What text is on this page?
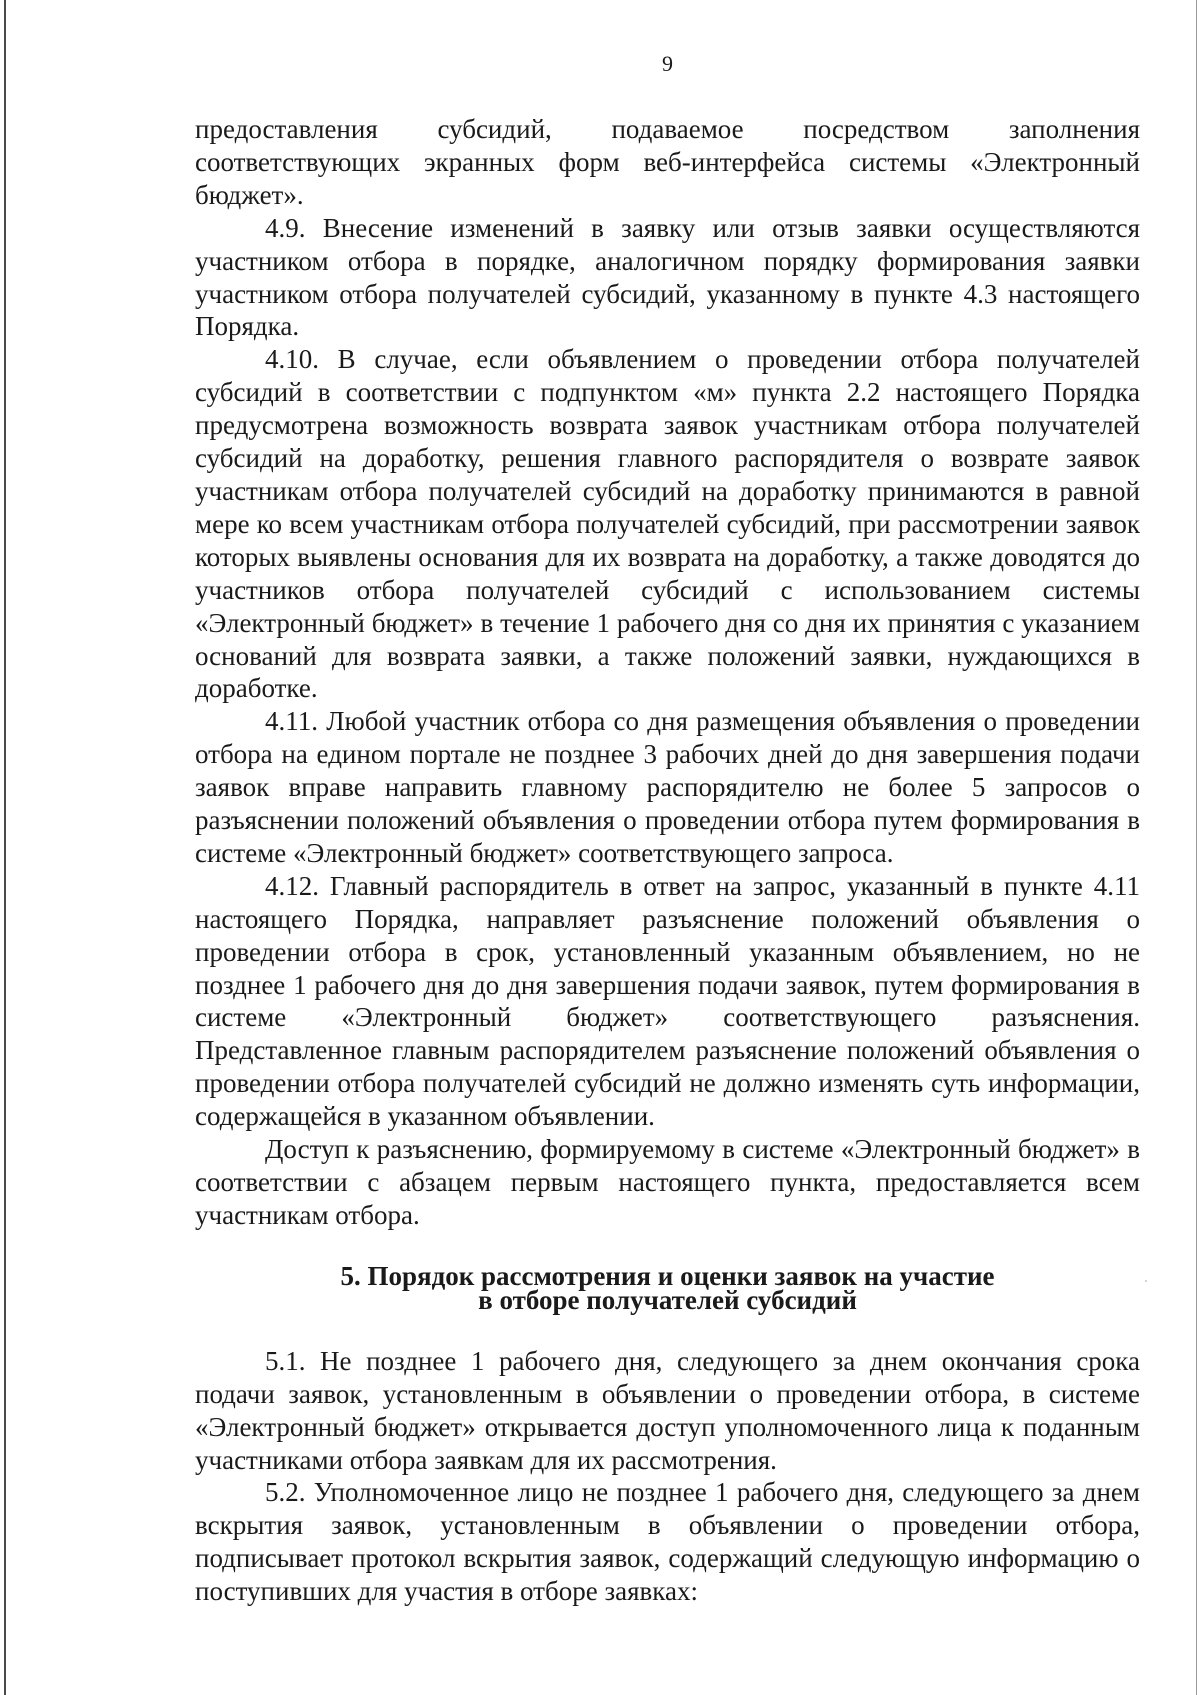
9

предоставления субсидий, подаваемое посредством заполнения соответствующих экранных форм веб-интерфейса системы «Электронный бюджет».

4.9. Внесение изменений в заявку или отзыв заявки осуществляются участником отбора в порядке, аналогичном порядку формирования заявки участником отбора получателей субсидий, указанному в пункте 4.3 настоящего Порядка.

4.10. В случае, если объявлением о проведении отбора получателей субсидий в соответствии с подпунктом «м» пункта 2.2 настоящего Порядка предусмотрена возможность возврата заявок участникам отбора получателей субсидий на доработку, решения главного распорядителя о возврате заявок участникам отбора получателей субсидий на доработку принимаются в равной мере ко всем участникам отбора получателей субсидий, при рассмотрении заявок которых выявлены основания для их возврата на доработку, а также доводятся до участников отбора получателей субсидий с использованием системы «Электронный бюджет» в течение 1 рабочего дня со дня их принятия с указанием оснований для возврата заявки, а также положений заявки, нуждающихся в доработке.

4.11. Любой участник отбора со дня размещения объявления о проведении отбора на едином портале не позднее 3 рабочих дней до дня завершения подачи заявок вправе направить главному распорядителю не более 5 запросов о разъяснении положений объявления о проведении отбора путем формирования в системе «Электронный бюджет» соответствующего запроса.

4.12. Главный распорядитель в ответ на запрос, указанный в пункте 4.11 настоящего Порядка, направляет разъяснение положений объявления о проведении отбора в срок, установленный указанным объявлением, но не позднее 1 рабочего дня до дня завершения подачи заявок, путем формирования в системе «Электронный бюджет» соответствующего разъяснения. Представленное главным распорядителем разъяснение положений объявления о проведении отбора получателей субсидий не должно изменять суть информации, содержащейся в указанном объявлении.

Доступ к разъяснению, формируемому в системе «Электронный бюджет» в соответствии с абзацем первым настоящего пункта, предоставляется всем участникам отбора.

5. Порядок рассмотрения и оценки заявок на участие
в отборе получателей субсидий

5.1. Не позднее 1 рабочего дня, следующего за днем окончания срока подачи заявок, установленным в объявлении о проведении отбора, в системе «Электронный бюджет» открывается доступ уполномоченного лица к поданным участниками отбора заявкам для их рассмотрения.

5.2. Уполномоченное лицо не позднее 1 рабочего дня, следующего за днем вскрытия заявок, установленным в объявлении о проведении отбора, подписывает протокол вскрытия заявок, содержащий следующую информацию о поступивших для участия в отборе заявках:
